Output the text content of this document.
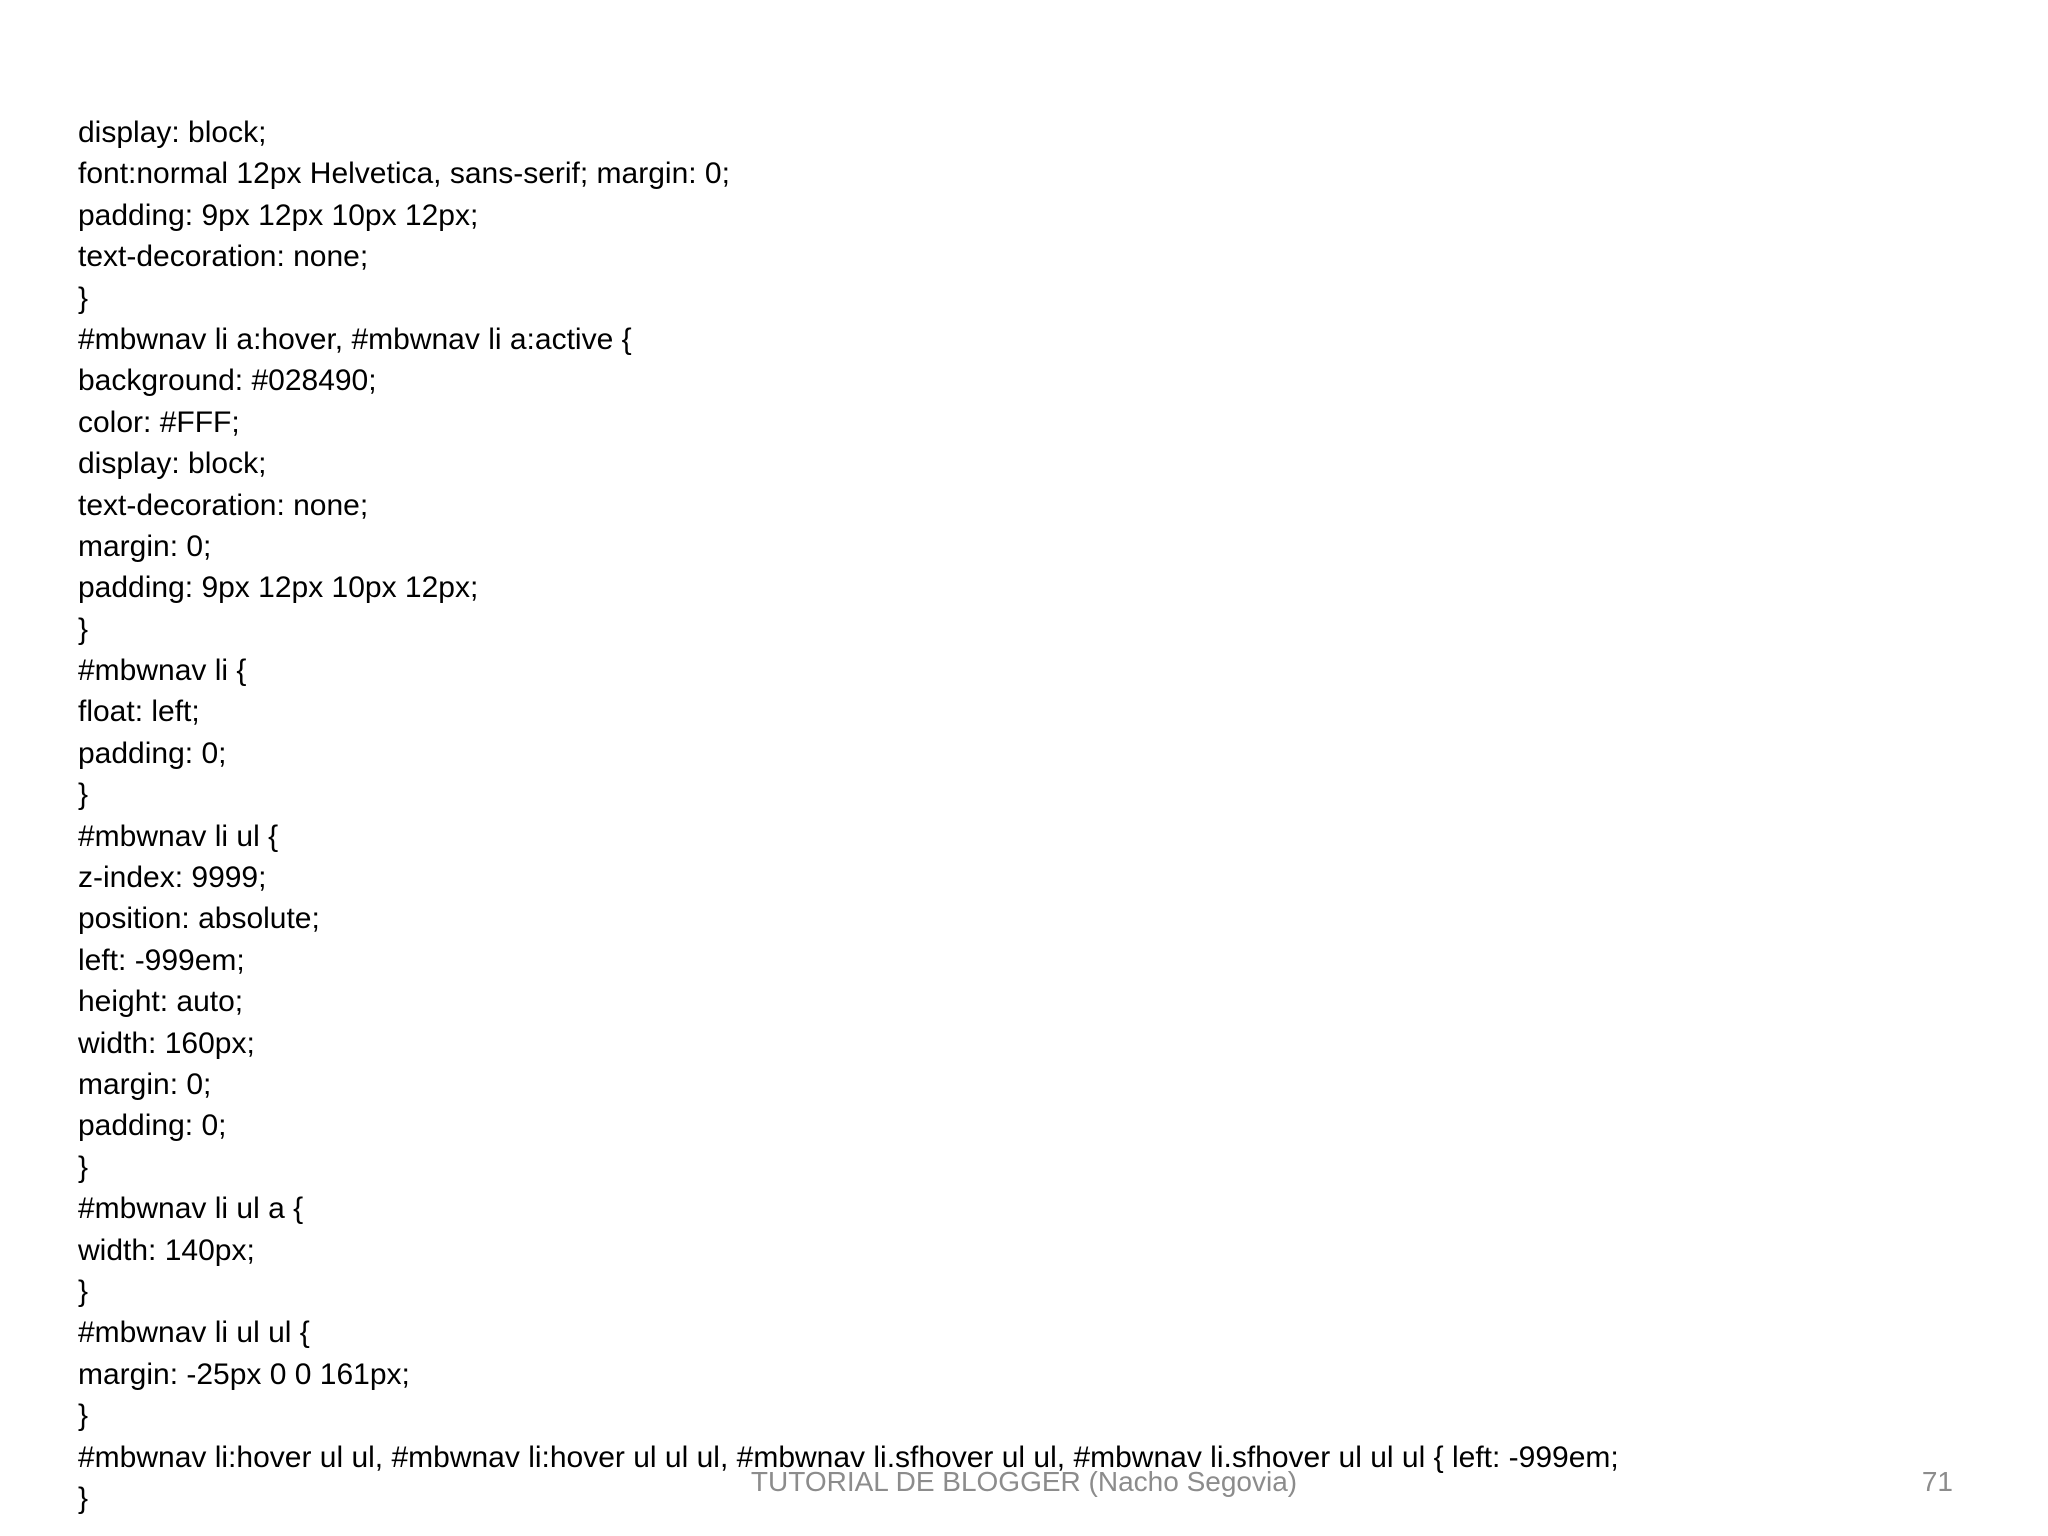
display: block;
font:normal 12px Helvetica, sans-serif; margin: 0;
padding: 9px 12px 10px 12px;
text-decoration: none;
}
#mbwnav li a:hover, #mbwnav li a:active {
background: #028490;
color: #FFF;
display: block;
text-decoration: none;
margin: 0;
padding: 9px 12px 10px 12px;
}
#mbwnav li {
float: left;
padding: 0;
}
#mbwnav li ul {
z-index: 9999;
position: absolute;
left: -999em;
height: auto;
width: 160px;
margin: 0;
padding: 0;
}
#mbwnav li ul a {
width: 140px;
}
#mbwnav li ul ul {
margin: -25px 0 0 161px;
}
#mbwnav li:hover ul ul, #mbwnav li:hover ul ul ul, #mbwnav li.sfhover ul ul, #mbwnav li.sfhover ul ul ul { left: -999em;
}
TUTORIAL DE BLOGGER (Nacho Segovia)	71
